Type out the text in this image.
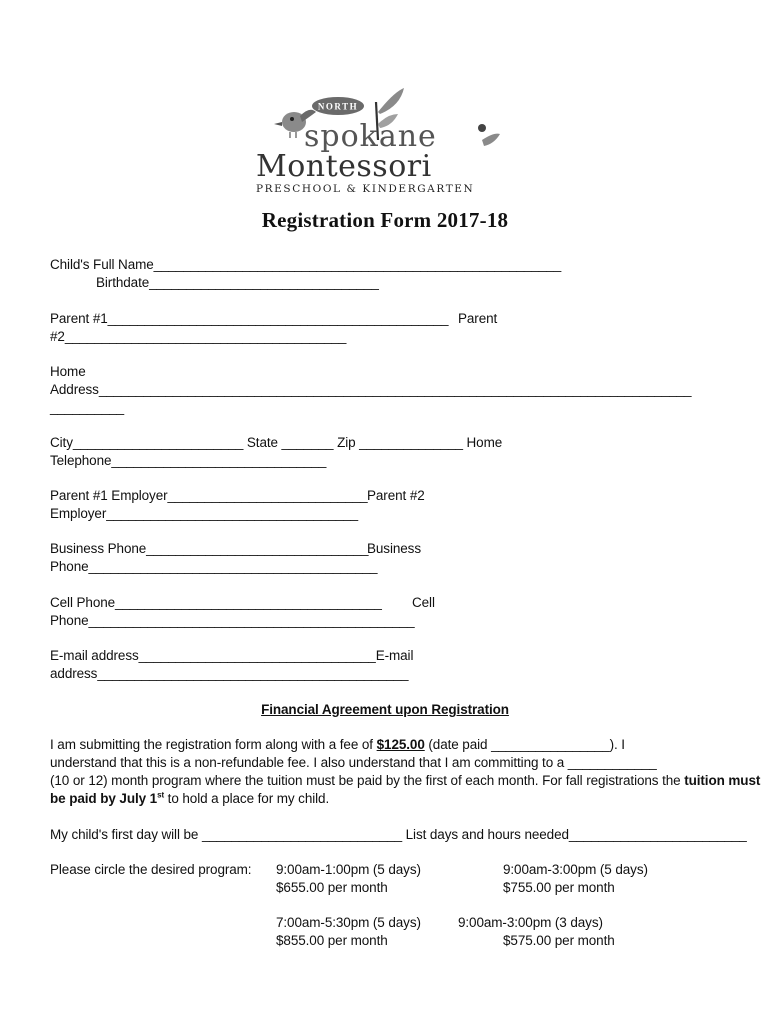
NORTH
spokane
Montessori
PRESCHOOL & KINDERGARTEN
Registration Form 2017-18
Child's Full Name_______________________________________________________
Birthdate_______________________________
Parent #1______________________________________________ Parent
#2______________________________________
Home
Address________________________________________________________________________________
__________
City_______________________ State _______ Zip ______________ Home
Telephone_____________________________
Parent #1 Employer___________________________ Parent #2
Employer__________________________________
Business Phone______________________________
Business
Phone_______________________________________
Cell Phone____________________________________ Cell
Phone____________________________________________
E-mail address________________________________E-mail
address__________________________________________
Financial Agreement upon Registration
I am submitting the registration form along with a fee of $125.00 (date paid ________________). I
understand that this is a non-refundable fee. I also understand that I am committing to a ____________
(10 or 12) month program where the tuition must be paid by the first of each month. For fall registrations the tuition must
be paid by July 1st to hold a place for my child.
My child's first day will be ___________________________ List days and hours needed________________________
Please circle the desired program: 9:00am-1:00pm (5 days)
$655.00 per month
9:00am-3:00pm (5 days)
$755.00 per month
7:00am-5:30pm (5 days)
$855.00 per month
9:00am-3:00pm (3 days)
$575.00 per month
